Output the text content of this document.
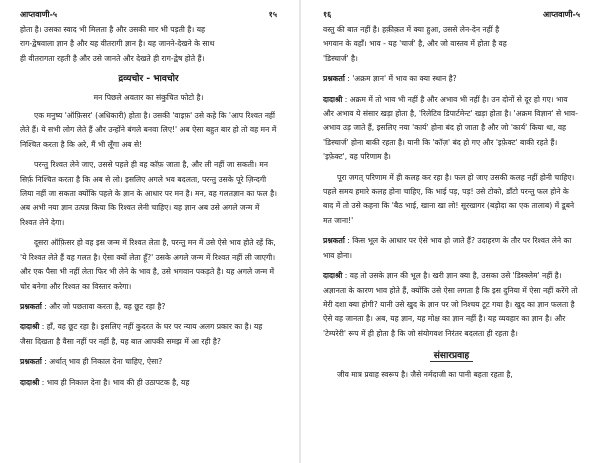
आप्तवाणी-५	१५

होता है। उसका स्वाद भी मिलता है और उसकी मार भी पड़ती है। यह

राग-द्वेषवाला ज्ञान है और यह वीतरागी ज्ञान है। यह जानने-देखने के साथ

ही वीतरागता रहती है और उसे जानते और देखते ही राग-द्वेष होते हैं।

द्रव्यचोर - भावचोर
मन पिछले अवतार का संकुचित फोटो है।

एक मनुष्य 'ऑफ़िसर' (अधिकारी) होता है। उसकी 'वाइफ़' उसे कहे कि 'आप रिश्वत नहीं लेते हैं। ये सभी लोग लेते हैं और उन्होंने बंगले बनवा लिए!' अब ऐसा बहुत बार हो तो वह मन में निश्चित करता है कि अरे, मैं भी लूँगा अब से!

परन्तु रिश्वत लेने जाए, उससे पहले ही वह कॉफ़ जाता है, और ली नहीं जा सकती। मन सिर्फ़ निश्चित करता है कि अब से लो। इसलिए अगले भव बदलता, परन्तु उसके पूरे ज़िन्दगी लिया नहीं जा सकता क्योंकि पहले के ज्ञान के आधार पर मन है। मन, वह गलतज्ञान का फल है। अब अभी नया ज्ञान उत्पन्न किया कि रिश्वत लेनी चाहिए। यह ज्ञान अब उसे अगले जन्म में रिश्वत लेने देगा।

दूसरा ऑफ़िसर हो वह इस जन्म में रिश्वत लेता है, परन्तु मन में उसे ऐसे भाव होते रहें कि, 'ये रिश्वत लेते हैं वह गलत है। ऐसा क्यों लेता हूँ?' उसके अगले जन्म में रिश्वत नहीं ली जाएगी। और एक पैसा भी नहीं लेता फिर भी लेने के भाव है, उसे भगवान पकड़ते है। यह अगले जन्म में चोर बनेगा और रिश्वत का विस्तार करेगा।

प्रश्नकर्ता : और जो पछतावा करता है, वह छूट रहा है?

दादाश्री : हाँ, वह छूट रहा है। इसलिए नहीं कुदरत के घर पर न्याय अलग प्रकार का है। यह जैसा दिखता है वैसा नहीं पर नहीं है, यह बात आपकी समझ में आ रही है?

प्रश्नकर्ता : अर्थात् भाव ही निकाल देना चाहिए, ऐसा?

दादाश्री : भाव ही निकाल देना है। भाव की ही उठापटक है, यह

१६	आप्तवाणी-५

वस्तु की बात नहीं है। हक़ीक़त में क्या हुआ, उससे लेन-देन नहीं है

भगवान के वहाँ। भाव - यह 'चार्ज' है, और जो वास्तव में होता है वह

'डिस्चार्ज' है।

प्रश्नकर्ता : 'अक्रम ज्ञान' में भाव का क्या स्थान है?

दादाश्री : अक्रम में तो भाव भी नहीं है और अभाव भी नहीं है। उन दोनों से दूर हो गए। भाव और अभाव ये संसार खड़ा होता है, 'रिलेटिव डिपार्टमेन्ट' खड़ा होता है। 'अक्रम विज्ञान' से भाव-अभाव उड़ जाते हैं, इसलिए नया 'कार्य' होना बंद हो जाता है और जो 'कार्य' किया था, वह 'डिस्चार्ज' होना बाकी रहता है। यानी कि 'कॉज़' बंद हो गए और 'इफ़ेक्ट' बाकी रहते हैं। 'इफ़ेक्ट', वह परिणाम है।

पूरा जगत् परिणाम में ही कलह कर रहा है। फल हो जाए उसकी कलह नहीं होनी चाहिए। पहले समय हमारे कलह होना चाहिए, कि भाई पड़, पड़! उसे टोको, डाँटो परन्तु फल होने के बाद में तो उसे कहना कि 'बैठ भाई, खाना खा लो! सूरखागर (बड़ोदा का एक तालाब) में डूबने मत जाना!'

प्रश्नकर्ता : किस भूल के आधार पर ऐसे भाव हो जाते हैं? उदाहरण के तौर पर रिश्वत लेने का भाव होना।

दादाश्री : वह तो उसके ज्ञान की भूल है। खरी ज्ञान क्या है, उसका उसे 'डिस्क्लेम' नहीं है। अज्ञानता के कारण भाव होते हैं, क्योंकि उसे ऐसा लगता है कि इस दुनिया में ऐसा नहीं करेंगे तो मेरी दशा क्या होगी? यानी उसे खुद के ज्ञान पर जो निश्चय टूट गया है। खुद का ज्ञान फलता है ऐसे वह जानता है। अब, यह ज्ञान, यह मोक्ष का ज्ञान नहीं है। यह व्यवहार का ज्ञान है। और 'टेम्परेरी' रूप में ही होता है कि जो संयोगवश निरंतर बदलता ही रहता है।

संसारप्रवाह

जीव मात्र प्रवाह स्वरूप है। जैसे नर्मदाजी का पानी बहता रहता है,
